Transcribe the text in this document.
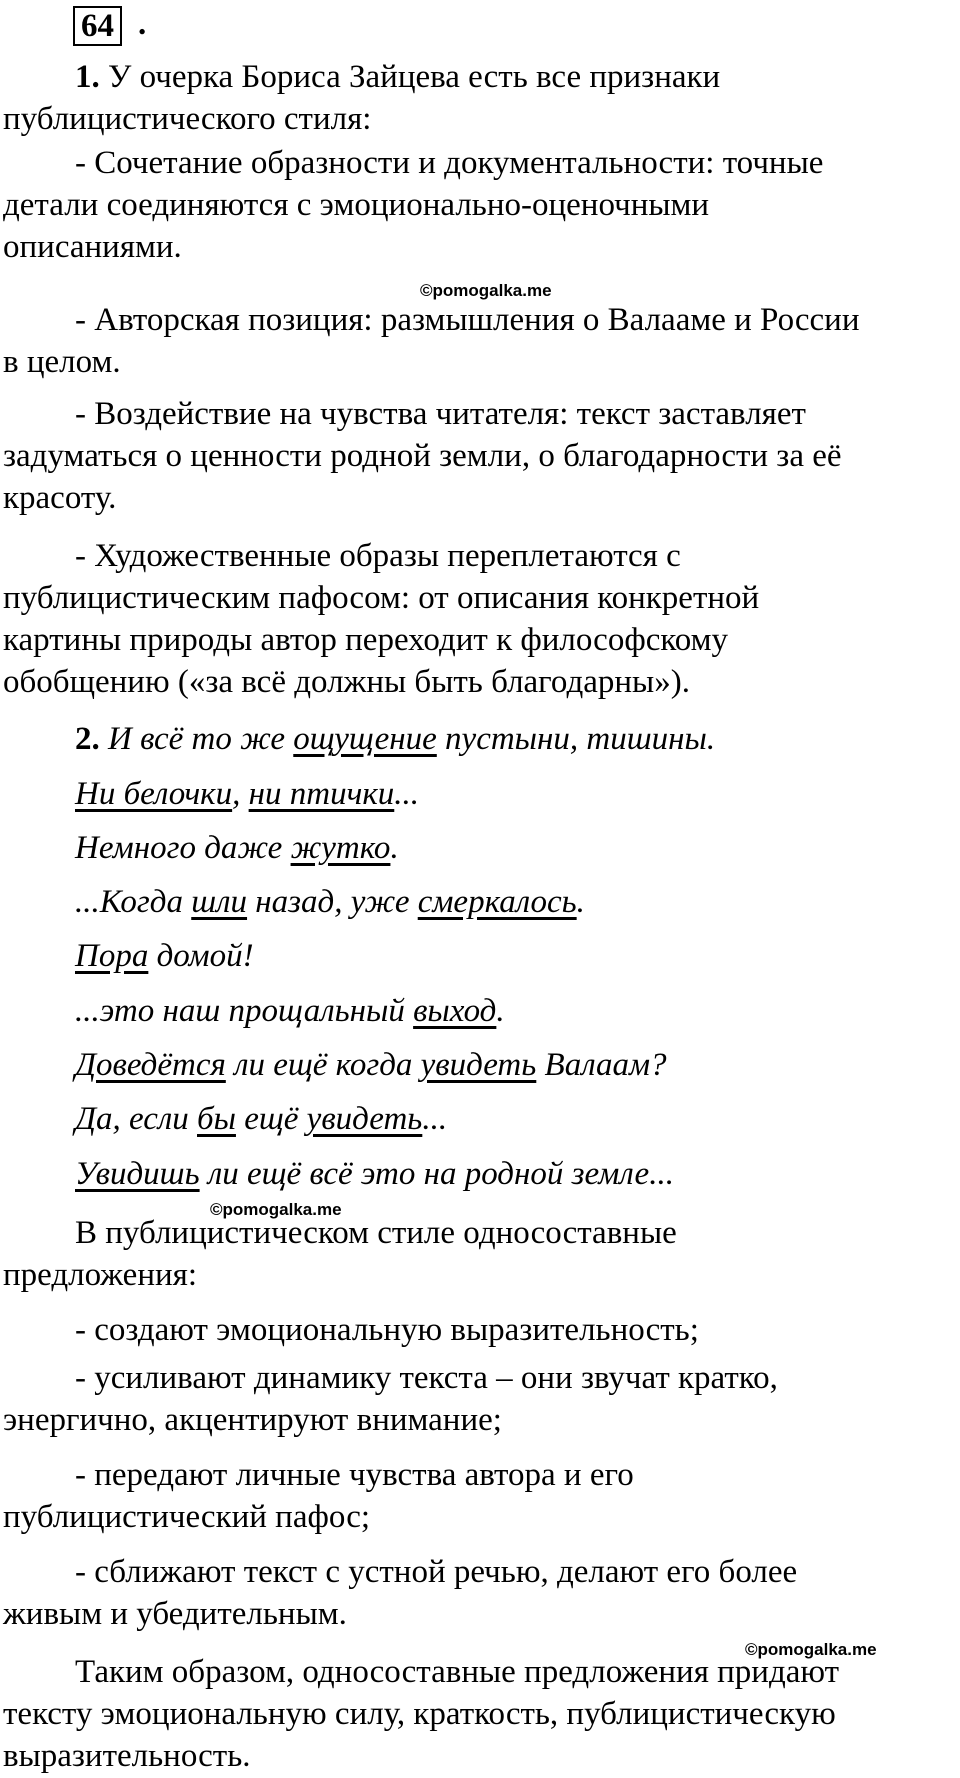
64 .
1. У очерка Бориса Зайцева есть все признаки
публицистического стиля:
- Сочетание образности и документальности: точные
детали соединяются с эмоционально-оценочными
описаниями.
©pomogalka.me
- Авторская позиция: размышления о Валааме и России
в целом.
- Воздействие на чувства читателя: текст заставляет
задуматься о ценности родной земли, о благодарности за её
красоту.
- Художественные образы переплетаются с
публицистическим пафосом: от описания конкретной
картины природы автор переходит к философскому
обобщению («за всё должны быть благодарны»).
2. И всё то же ощущение пустыни, тишины.
Ни белочки, ни птички...
Немного даже жутко.
...Когда шли назад, уже смеркалось.
Пора домой!
...это наш прощальный выход.
Доведётся ли ещё когда увидеть Валаам?
Да, если бы ещё увидеть...
Увидишь ли ещё всё это на родной земле...
©pomogalka.me
В публицистическом стиле односоставные
предложения:
- создают эмоциональную выразительность;
- усиливают динамику текста – они звучат кратко,
энергично, акцентируют внимание;
- передают личные чувства автора и его
публицистический пафос;
- сближают текст с устной речью, делают его более
живым и убедительным.
©pomogalka.me
Таким образом, односоставные предложения придают
тексту эмоциональную силу, краткость, публицистическую
выразительность.
